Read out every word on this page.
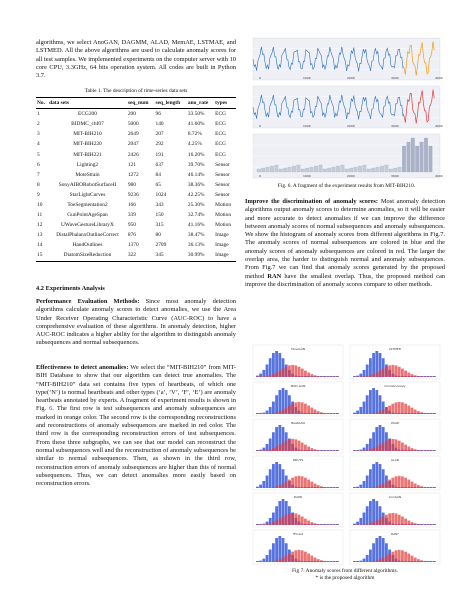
algorithms, we select AnoGAN, DAGMM, ALAD, MemAE, LSTMAE, and LSTMED. All the above algorithms are used to calculate anomaly scores for all test samples. We implemented experiments on the computer server with 10 core CPU, 3.3GHz, 64 bits operation system. All codes are built in Python 3.7.

Table 1. The description of time-series data sets
No.	data sets	seq_num	seq_length	ano_rate	types
1	ECG200	200	96	33.50%	ECG
2	BIDMC_chf07	5000	140	41.60%	ECG
3	MIT-BIH210	2649	207	8.72%	ECG
4	MIT-BIH220	2047	292	4.25%	ECG
5	MIT-BIH221	2426	191	16.20%	ECG
6	Lighting2	121	637	39.70%	Sensor
7	MoteStrain	1272	84	46.14%	Sensor
8	SonyAIBORobotSurfaceII	980	65	38.36%	Sensor
9	StarLightCurves	9236	1024	42.25%	Sensor
10	ToeSegmentation2	166	343	25.30%	Motion
11	GunPointAgeSpan	339	150	32.74%	Motion
12	UWaveGestureLibraryX	950	315	41.16%	Motion
13	DistalPhalanxOutlineCorrect	876	80	38.47%	Image
14	HandOutlines	1370	2709	36.13%	Image
15	DiatomSizeReduction	322	345	30.99%	Image
4.2 Experiments Analysis

Performance Evaluation Methods: Since most anomaly detection algorithms calculate anomaly scores to detect anomalies, we use the Area Under Receiver Operating Characteristic Curve (AUC-ROC) to have a comprehensive evaluation of these algorithms. In anomaly detection, higher AUC-ROC indicates a higher ability for the algorithm to distinguish anomaly subsequences and normal subsequences.

Effectiveness to detect anomalies: We select the “MIT-BIH210” from MIT-BIH Database to show that our algorithm can detect true anomalies. The “MIT-BIH210” data set contains five types of heartbeats, of which one type(‘N’) is normal heartbeats and other types (‘a’, ‘V’, ‘F’, ‘E’) are anomaly heartbeats annotated by experts. A fragment of experiment results is shown in Fig. 6. The first row is test subsequences and anomaly subsequences are marked in orange color. The second row is the corresponding reconstructions and reconstructions of anomaly subsequences are marked in red color. The third row is the corresponding reconstruction errors of test subsequences. From these three subgraphs, we can see that our model can reconstruct the normal subsequences well and the reconstruction of anomaly subsequences be similar to normal subsequences. Then, as shown in the third row, reconstruction errors of anomaly subsequences are higher than this of normal subsequences. Thus, we can detect anomalies more easily based on reconstruction errors.

0	1000	2000	3000	4000
0	1000	2000	3000	4000
0	1000	2000	3000	4000
Fig. 6. A fragment of the experiment results from MIT-BIH210.

Improve the discrimination of anomaly scores: Most anomaly detection algorithms output anomaly scores to determine anomalies, so it will be easier and more accurate to detect anomalies if we can improve the difference between anomaly scores of normal subsequences and anomaly subsequences. We show the histogram of anomaly scores from different algorithms in Fig.7. The anomaly scores of normal subsequences are colored in blue and the anomaly scores of anomaly subsequences are colored in red. The larger the overlap area, the harder to distinguish normal and anomaly subsequences. From Fig.7 we can find that anomaly scores generated by the proposed method RAN have the smallest overlap. Thus, the proposed method can improve the discrimination of anomaly scores compare to other methods.

TAnoGAN	LSTMED
MAD-GAN	OmniAnomaly
BeatGAN	USAD
RDUTS	ALAD
DAPR	AnoGAN
IForest	RAN*
Fig 7. Anomaly scores from different algorithms.
* is the proposed algorithm
